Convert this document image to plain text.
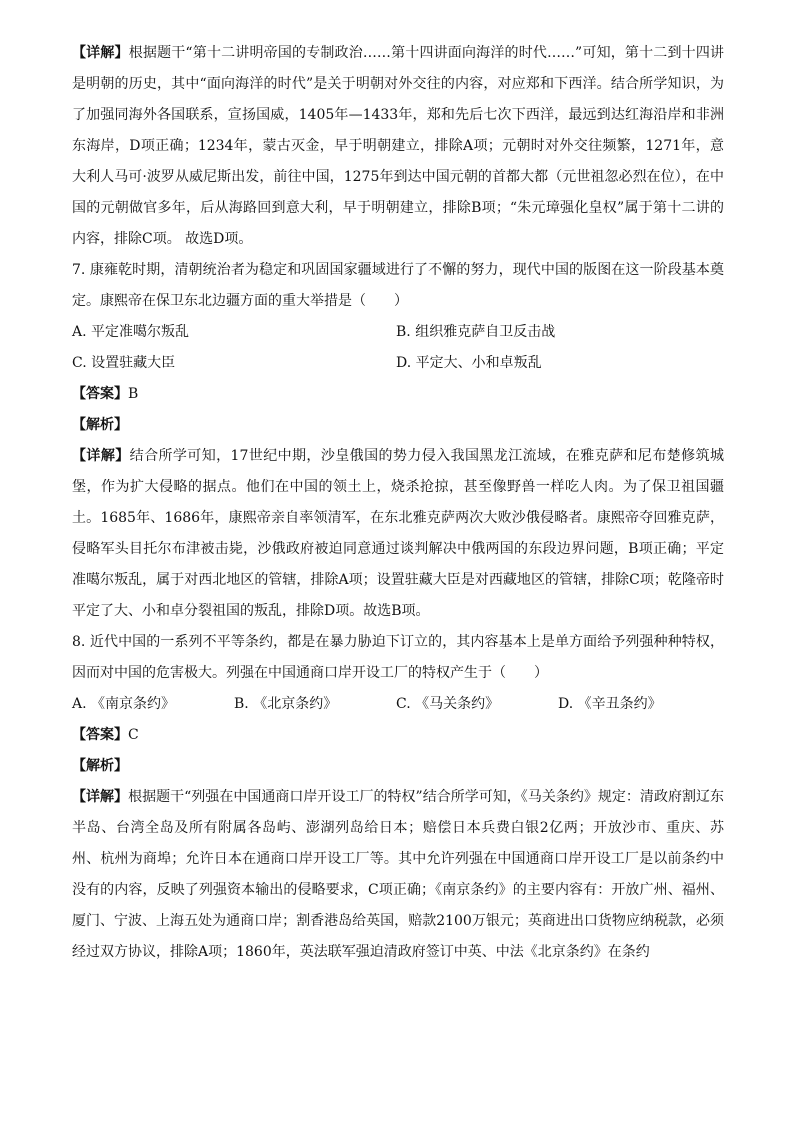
【详解】根据题干“第十二讲明帝国的专制政治……第十四讲面向海洋的时代……”可知，第十二到十四讲是明朝的历史，其中“面向海洋的时代”是关于明朝对外交往的内容，对应郑和下西洋。结合所学知识，为了加强同海外各国联系，宣扬国威，1405年—1433年，郑和先后七次下西洋，最远到达红海沿岸和非洲东海岸，D项正确；1234年，蒙古灭金，早于明朝建立，排除A项；元朝时对外交往频繁，1271年，意大利人马可·波罗从威尼斯出发，前往中国，1275年到达中国元朝的首都大都（元世祖忽必烈在位），在中国的元朝做官多年，后从海路回到意大利，早于明朝建立，排除B项；“朱元璋强化皇权”属于第十二讲的内容，排除C项。 故选D项。

7. 康雍乾时期，清朝统治者为稳定和巩固国家疆域进行了不懈的努力，现代中国的版图在这一阶段基本奠定。康熙帝在保卫东北边疆方面的重大举措是（　　）

A. 平定准噶尔叛乱	B. 组织雅克萨自卫反击战
C. 设置驻藏大臣	D. 平定大、小和卓叛乱

【答案】B

【解析】

【详解】结合所学可知，17世纪中期，沙皇俄国的势力侵入我国黑龙江流域，在雅克萨和尼布楚修筑城堡，作为扩大侵略的据点。他们在中国的领土上，烧杀抢掠，甚至像野兽一样吃人肉。为了保卫祖国疆土。1685年、1686年，康熙帝亲自率领清军，在东北雅克萨两次大败沙俄侵略者。康熙帝夺回雅克萨，侵略军头目托尔布津被击毙，沙俄政府被迫同意通过谈判解决中俄两国的东段边界问题，B项正确；平定准噶尔叛乱，属于对西北地区的管辖，排除A项；设置驻藏大臣是对西藏地区的管辖，排除C项；乾隆帝时平定了大、小和卓分裂祖国的叛乱，排除D项。故选B项。

8. 近代中国的一系列不平等条约，都是在暴力胁迫下订立的，其内容基本上是单方面给予列强种种特权，因而对中国的危害极大。列强在中国通商口岸开设工厂的特权产生于（　　）

A. 《南京条约》	B. 《北京条约》	C. 《马关条约》	D. 《辛丑条约》

【答案】C

【解析】

【详解】根据题干“列强在中国通商口岸开设工厂的特权”结合所学可知，《马关条约》规定：清政府割辽东半岛、台湾全岛及所有附属各岛屿、澎湖列岛给日本；赔偿日本兵费白银2亿两；开放沙市、重庆、苏州、杭州为商埠；允许日本在通商口岸开设工厂等。其中允许列强在中国通商口岸开设工厂是以前条约中没有的内容，反映了列强资本输出的侵略要求，C项正确；《南京条约》的主要内容有：开放广州、福州、厦门、宁波、上海五处为通商口岸；割香港岛给英国，赔款2100万银元；英商进出口货物应纳税款，必须经过双方协议，排除A项；1860年，英法联军强迫清政府签订中英、中法《北京条约》在条约
